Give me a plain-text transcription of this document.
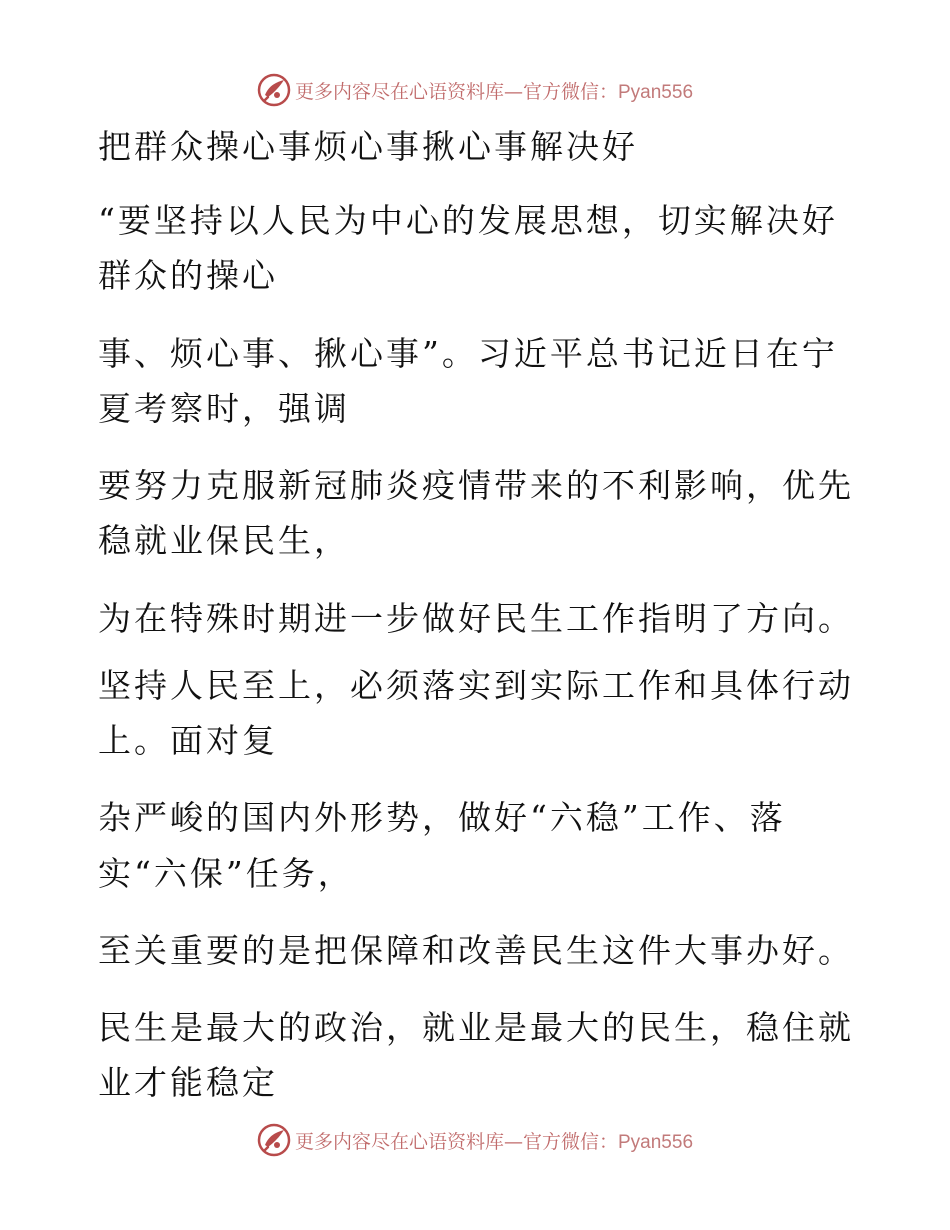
更多内容尽在心语资料库—官方微信：Pyan556
把群众操心事烦心事揪心事解决好
“要坚持以人民为中心的发展思想，切实解决好
群众的操心
事、烦心事、揪心事”。习近平总书记近日在宁
夏考察时，强调
要努力克服新冠肺炎疫情带来的不利影响，优先
稳就业保民生，
为在特殊时期进一步做好民生工作指明了方向。
坚持人民至上，必须落实到实际工作和具体行动
上。面对复
杂严峻的国内外形势，做好“六稳”工作、落
实“六保”任务，
至关重要的是把保障和改善民生这件大事办好。
民生是最大的政治，就业是最大的民生，稳住就
业才能稳定
更多内容尽在心语资料库—官方微信：Pyan556
